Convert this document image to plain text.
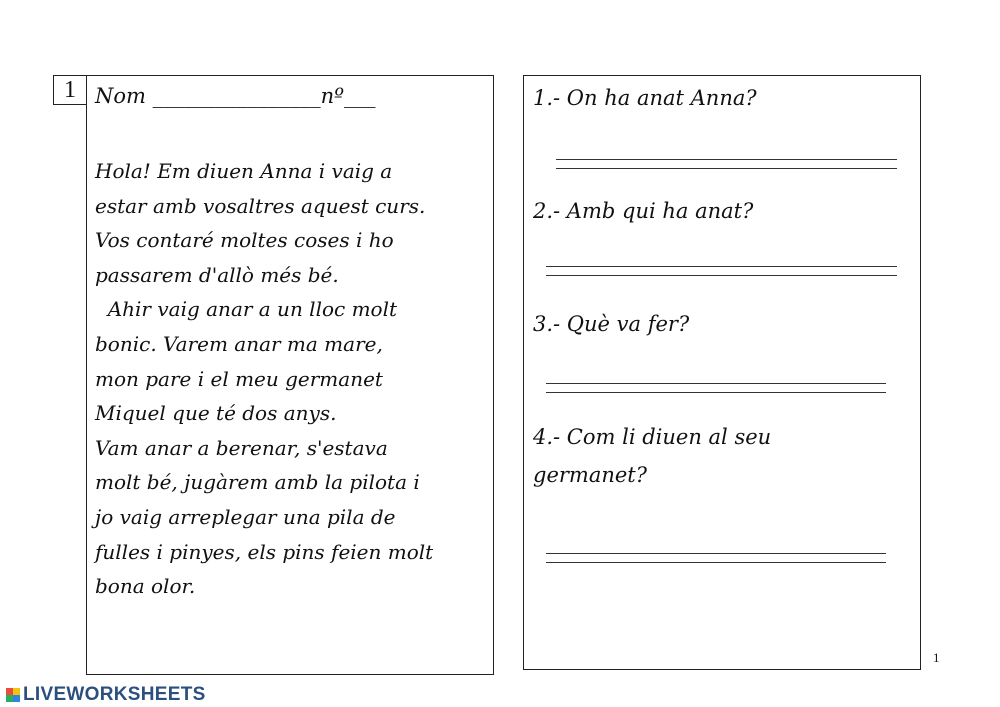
1 Nom ________________nº___

Hola! Em diuen Anna i vaig a

estar amb vosaltres aquest curs.

Vos contaré moltes coses i ho

passarem d'allò més bé.

Ahir vaig anar a un lloc molt

bonic. Varem anar ma mare,

mon pare i el meu germanet

Miquel que té dos anys.

Vam anar a berenar, s'estava

molt bé, jugàrem amb la pilota i

jo vaig arreplegar una pila de

fulles i pinyes, els pins feien molt

bona olor.

1.- On ha anat Anna?
2.- Amb qui ha anat?
3.- Què va fer?
4.- Com li diuen al seu
germanet?
1
LIVEWORKSHEETS
